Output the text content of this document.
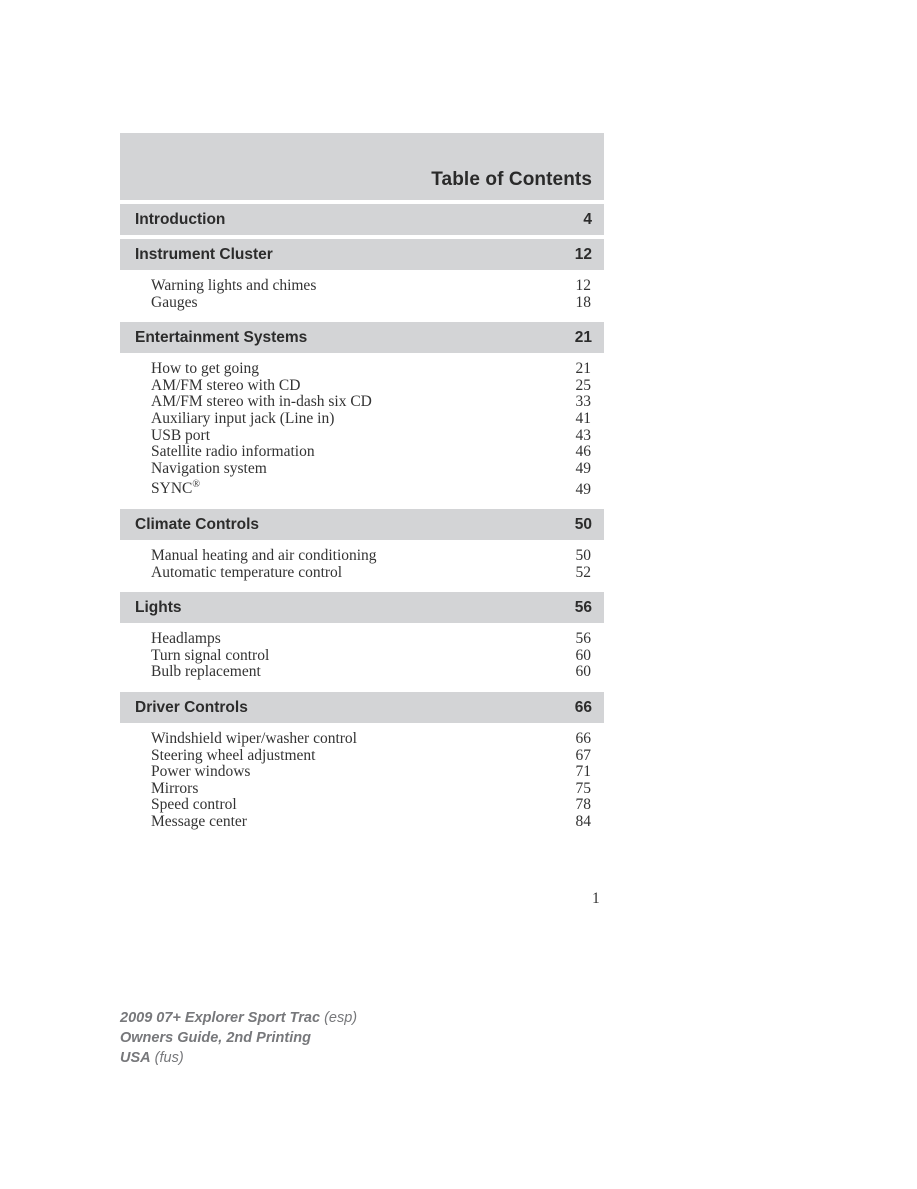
Table of Contents
Introduction	4
Instrument Cluster	12
Warning lights and chimes	12
Gauges	18
Entertainment Systems	21
How to get going	21
AM/FM stereo with CD	25
AM/FM stereo with in-dash six CD	33
Auxiliary input jack (Line in)	41
USB port	43
Satellite radio information	46
Navigation system	49
SYNC®	49
Climate Controls	50
Manual heating and air conditioning	50
Automatic temperature control	52
Lights	56
Headlamps	56
Turn signal control	60
Bulb replacement	60
Driver Controls	66
Windshield wiper/washer control	66
Steering wheel adjustment	67
Power windows	71
Mirrors	75
Speed control	78
Message center	84
1
2009 07+ Explorer Sport Trac (esp)
Owners Guide, 2nd Printing
USA (fus)
